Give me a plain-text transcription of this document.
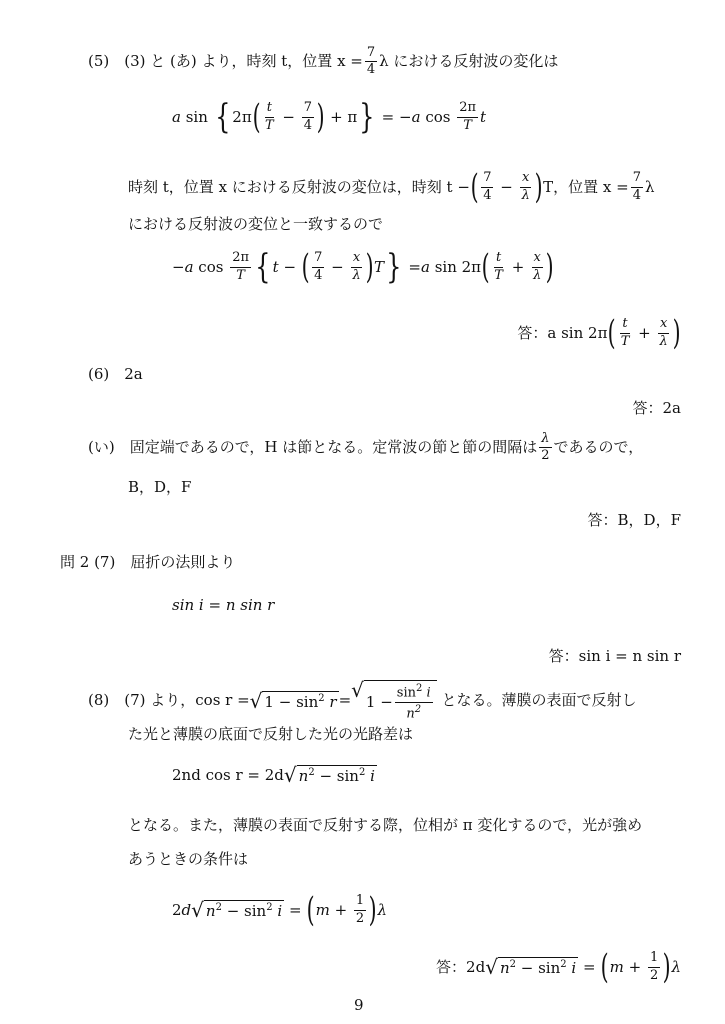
(5)　(3) と (あ) より，時刻 t，位置 $x = \frac{7}{4}$ λ における反射波の変化は
a sin { 2π ( $\frac{t}{T} - \frac{7}{4}$ ) + π } = − a $\cos \frac{2\pi}{T}$ t
時刻 t，位置 x における反射波の変位は，時刻 t − ( $\frac{7}{4} - \frac{x}{\lambda}$ ) T，位置 $x = \frac{7}{4}$ λ
における反射波の変位と一致するので
− a $\cos \frac{2\pi}{T}$ { t − ( $\frac{7}{4} - \frac{x}{\lambda}$ ) T } = a sin 2π ( $\frac{t}{T} + \frac{x}{\lambda}$ )
答：a sin 2π ( $\frac{t}{T} + \frac{x}{\lambda}$ )
(6)　2a
答：2a
(い)　固定端であるので，H は節となる。定常波の節と節の間隔は $\frac{\lambda}{2}$ であるので，
B，D，F
答：B，D，F
問 2 (7)　屈折の法則より
sin i = n sin r
答：sin i = n sin r
(8)　(7) より，cos r = √ $1 - \sin^2 r$ = √ $1 - \frac{\sin^2 i}{n^2}$
となる。薄膜の表面で反射し
た光と薄膜の底面で反射した光の光路差は
2nd cos r = 2d √ $n^2 - \sin^2 i$
となる。また，薄膜の表面で反射する際，位相が π 変化するので，光が強め
あうときの条件は
2 d √ $n^2 - \sin^2 i$ = ( $m + \frac{1}{2}$ ) λ
答：2d √ $n^2 - \sin^2 i$ = ( $m + \frac{1}{2}$ ) λ
9
